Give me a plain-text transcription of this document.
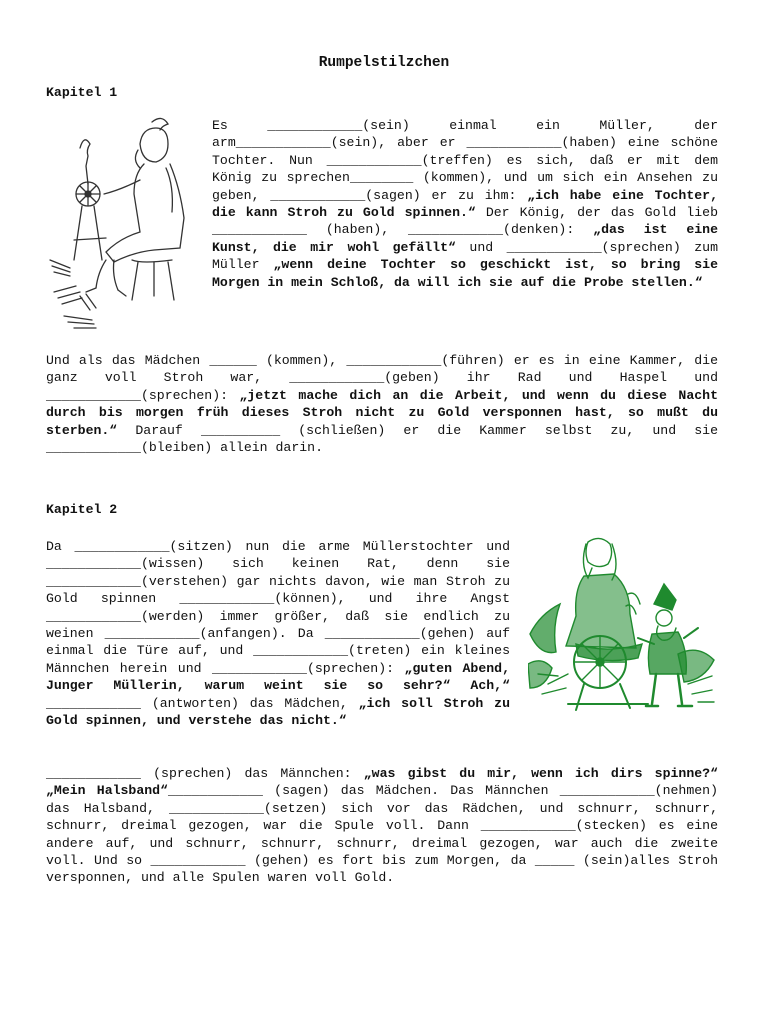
Rumpelstilzchen
Kapitel 1

Es ____________(sein) einmal ein Müller, der arm____________(sein), aber er ____________(haben) eine schöne Tochter. Nun ____________(treffen) es sich, daß er mit dem König zu sprechen________ (kommen), und um sich ein Ansehen zu geben, ____________(sagen) er zu ihm: „ich habe eine Tochter, die kann Stroh zu Gold spinnen.“ Der König, der das Gold lieb ____________ (haben), ____________(denken): „das ist eine Kunst, die mir wohl gefällt“ und ____________(sprechen) zum Müller „wenn deine Tochter so geschickt ist, so bring sie Morgen in mein Schloß, da will ich sie auf die Probe stellen.“

Und als das Mädchen ______ (kommen), ____________(führen) er es in eine Kammer, die ganz voll Stroh war, ____________(geben) ihr Rad und Haspel und ____________(sprechen): „jetzt mache dich an die Arbeit, und wenn du diese Nacht durch bis morgen früh dieses Stroh nicht zu Gold versponnen hast, so mußt du sterben.“ Darauf __________ (schließen) er die Kammer selbst zu, und sie ____________(bleiben) allein darin.

Kapitel 2

Da ____________(sitzen) nun die arme Müllerstochter und ____________(wissen) sich keinen Rat, denn sie ____________(verstehen) gar nichts davon, wie man Stroh zu Gold spinnen ____________(können), und ihre Angst ____________(werden) immer größer, daß sie endlich zu weinen ____________(anfangen). Da ____________(gehen) auf einmal die Türe auf, und ____________(treten) ein kleines Männchen herein und ____________(sprechen): „guten Abend, Junger Müllerin, warum weint sie so sehr?“ Ach,“ ____________ (antworten) das Mädchen, „ich soll Stroh zu Gold spinnen, und verstehe das nicht.“

____________ (sprechen) das Männchen: „was gibst du mir, wenn ich dirs spinne?“ „Mein Halsband“____________ (sagen) das Mädchen. Das Männchen ____________(nehmen) das Halsband, ____________(setzen) sich vor das Rädchen, und schnurr, schnurr, schnurr, dreimal gezogen, war die Spule voll. Dann ____________(stecken) es eine andere auf, und schnurr, schnurr, schnurr, dreimal gezogen, war auch die zweite voll. Und so ____________ (gehen) es fort bis zum Morgen, da _____ (sein)alles Stroh versponnen, und alle Spulen waren voll Gold.
